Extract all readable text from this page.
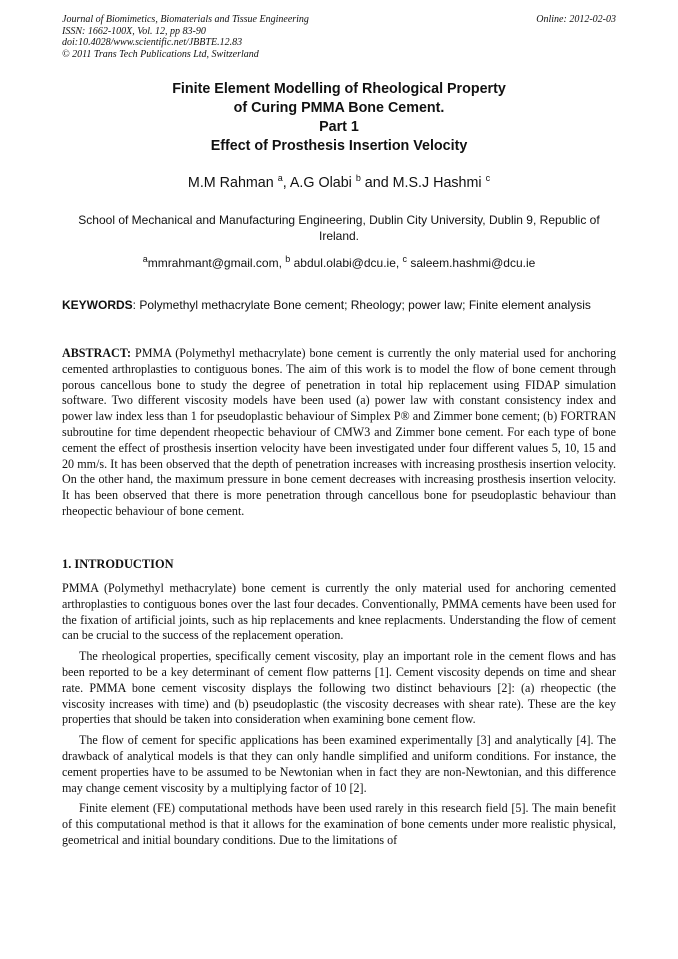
Journal of Biomimetics, Biomaterials and Tissue Engineering
ISSN: 1662-100X, Vol. 12, pp 83-90
doi:10.4028/www.scientific.net/JBBTE.12.83
© 2011 Trans Tech Publications Ltd, Switzerland
Online: 2012-02-03
Finite Element Modelling of Rheological Property
of Curing PMMA Bone Cement.
Part 1
Effect of Prosthesis Insertion Velocity
M.M Rahman $^a$, A.G Olabi $^b$ and M.S.J Hashmi $^c$
School of Mechanical and Manufacturing Engineering, Dublin City University, Dublin 9, Republic of Ireland.
$^a$mmrahmant@gmail.com, $^b$ abdul.olabi@dcu.ie, $^c$ saleem.hashmi@dcu.ie
KEYWORDS: Polymethyl methacrylate Bone cement; Rheology; power law; Finite element analysis
ABSTRACT: PMMA (Polymethyl methacrylate) bone cement is currently the only material used for anchoring cemented arthroplasties to contiguous bones. The aim of this work is to model the flow of bone cement through porous cancellous bone to study the degree of penetration in total hip replacement using FIDAP simulation software. Two different viscosity models have been used (a) power law with constant consistency index and power law index less than 1 for pseudoplastic behaviour of Simplex P® and Zimmer bone cement; (b) FORTRAN subroutine for time dependent rheopectic behaviour of CMW3 and Zimmer bone cement. For each type of bone cement the effect of prosthesis insertion velocity have been investigated under four different values 5, 10, 15 and 20 mm/s. It has been observed that the depth of penetration increases with increasing prosthesis insertion velocity. On the other hand, the maximum pressure in bone cement decreases with increasing prosthesis insertion velocity. It has been observed that there is more penetration through cancellous bone for pseudoplastic behaviour than rheopectic behaviour of bone cement.
1. INTRODUCTION

PMMA (Polymethyl methacrylate) bone cement is currently the only material used for anchoring cemented arthroplasties to contiguous bones over the last four decades. Conventionally, PMMA cements have been used for the fixation of artificial joints, such as hip replacements and knee replacments. Understanding the flow of cement can be crucial to the success of the replacement operation.

The rheological properties, specifically cement viscosity, play an important role in the cement flows and has been reported to be a key determinant of cement flow patterns [1]. Cement viscosity depends on time and shear rate. PMMA bone cement viscosity displays the following two distinct behaviours [2]: (a) rheopectic (the viscosity increases with time) and (b) pseudoplastic (the viscosity decreases with shear rate). These are the key properties that should be taken into consideration when examining bone cement flow.

The flow of cement for specific applications has been examined experimentally [3] and analytically [4]. The drawback of analytical models is that they can only handle simplified and uniform conditions. For instance, the cement properties have to be assumed to be Newtonian when in fact they are non-Newtonian, and this difference may change cement viscosity by a multiplying factor of 10 [2].

Finite element (FE) computational methods have been used rarely in this research field [5]. The main benefit of this computational method is that it allows for the examination of bone cements under more realistic physical, geometrical and initial boundary conditions. Due to the limitations of
